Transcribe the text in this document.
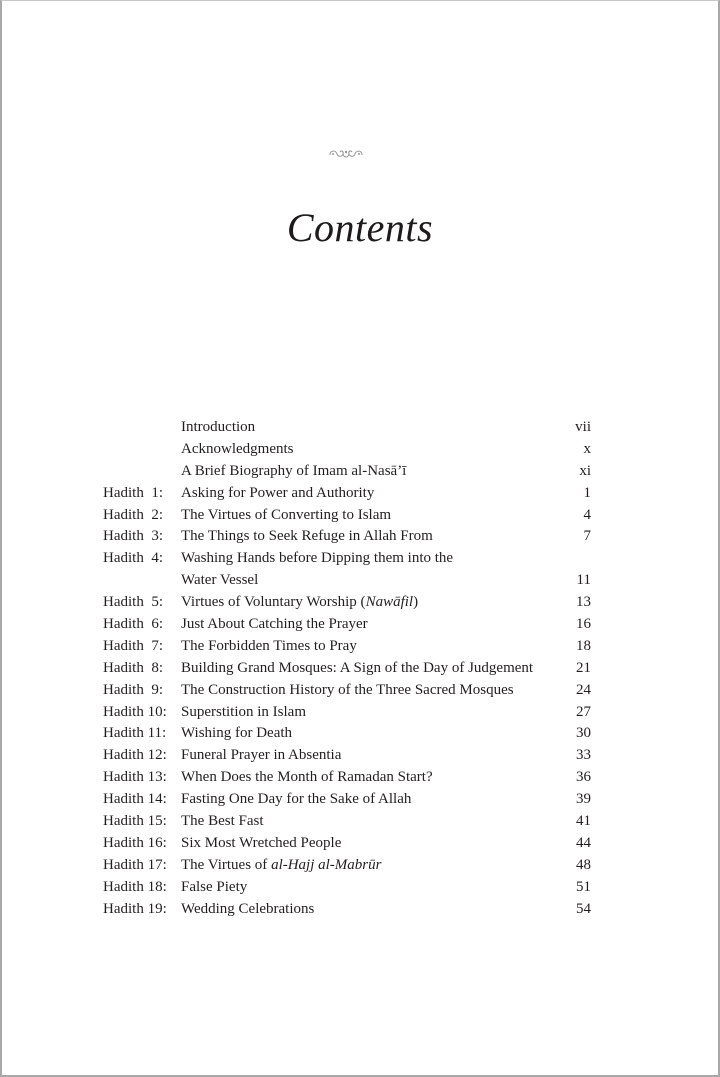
Contents
Introduction	vii
Acknowledgments	x
A Brief Biography of Imam al-Nasā’ī	xi
Hadith  1:	Asking for Power and Authority	1
Hadith  2:	The Virtues of Converting to Islam	4
Hadith  3:	The Things to Seek Refuge in Allah From	7
Hadith  4:	Washing Hands before Dipping them into the
Water Vessel	11
Hadith  5:	Virtues of Voluntary Worship (Nawāfil)	13
Hadith  6:	Just About Catching the Prayer	16
Hadith  7:	The Forbidden Times to Pray	18
Hadith  8:	Building Grand Mosques: A Sign of the Day of Judgement	21
Hadith  9:	The Construction History of the Three Sacred Mosques	24
Hadith 10: Superstition in Islam	27
Hadith 11: Wishing for Death	30
Hadith 12: Funeral Prayer in Absentia	33
Hadith 13: When Does the Month of Ramadan Start?	36
Hadith 14: Fasting One Day for the Sake of Allah	39
Hadith 15: The Best Fast	41
Hadith 16: Six Most Wretched People	44
Hadith 17: The Virtues of al-Hajj al-Mabrūr	48
Hadith 18: False Piety	51
Hadith 19: Wedding Celebrations	54
